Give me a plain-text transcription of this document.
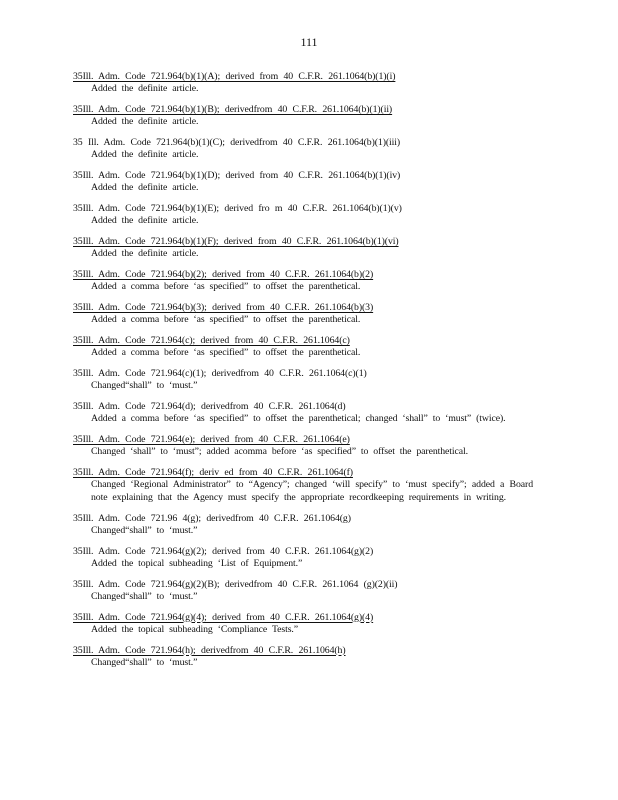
111
35Ill. Adm. Code 721.964(b)(1)(A); derived from 40 C.F.R. 261.1064(b)(1)(i)
Added the definite article.
35Ill. Adm. Code 721.964(b)(1)(B); derivedfrom 40 C.F.R. 261.1064(b)(1)(ii)
Added the definite article.
35 Ill. Adm. Code 721.964(b)(1)(C); derivedfrom 40 C.F.R. 261.1064(b)(1)(iii)
Added the definite article.
35Ill. Adm. Code 721.964(b)(1)(D); derived from 40 C.F.R. 261.1064(b)(1)(iv)
Added the definite article.
35Ill. Adm. Code 721.964(b)(1)(E); derived fro m 40 C.F.R. 261.1064(b)(1)(v)
Added the definite article.
35Ill. Adm. Code 721.964(b)(1)(F); derived from 40 C.F.R. 261.1064(b)(1)(vi)
Added the definite article.
35Ill. Adm. Code 721.964(b)(2); derived from 40 C.F.R. 261.1064(b)(2)
Added a comma before ‘as specified” to offset the parenthetical.
35Ill. Adm. Code 721.964(b)(3); derived from 40 C.F.R. 261.1064(b)(3)
Added a comma before ‘as specified” to offset the parenthetical.
35Ill. Adm. Code 721.964(c); derived from 40 C.F.R. 261.1064(c)
Added a comma before ‘as specified” to offset the parenthetical.
35Ill. Adm. Code 721.964(c)(1); derivedfrom 40 C.F.R. 261.1064(c)(1)
Changed“shall” to ‘must.”
35Ill. Adm. Code 721.964(d); derivedfrom 40 C.F.R. 261.1064(d)
Added a comma before ‘as specified” to offset the parenthetical; changed ‘shall” to ‘must” (twice).
35Ill. Adm. Code 721.964(e); derived from 40 C.F.R. 261.1064(e)
Changed ‘shall” to ‘must”; added acomma before ‘as specified” to offset the parenthetical.
35Ill. Adm. Code 721.964(f); deriv ed from 40 C.F.R. 261.1064(f)
Changed ‘Regional Administrator” to “Agency”; changed ‘will specify” to ‘must specify”; added a Board note explaining that the Agency must specify the appropriate recordkeeping requirements in writing.
35Ill. Adm. Code 721.96 4(g); derivedfrom 40 C.F.R. 261.1064(g)
Changed“shall” to ‘must.”
35Ill. Adm. Code 721.964(g)(2); derived from 40 C.F.R. 261.1064(g)(2)
Added the topical subheading ‘List of Equipment.”
35Ill. Adm. Code 721.964(g)(2)(B); derivedfrom 40 C.F.R. 261.1064 (g)(2)(ii)
Changed“shall” to ‘must.”
35Ill. Adm. Code 721.964(g)(4); derived from 40 C.F.R. 261.1064(g)(4)
Added the topical subheading ‘Compliance Tests.”
35Ill. Adm. Code 721.964(h); derivedfrom 40 C.F.R. 261.1064(h)
Changed“shall” to ‘must.”
